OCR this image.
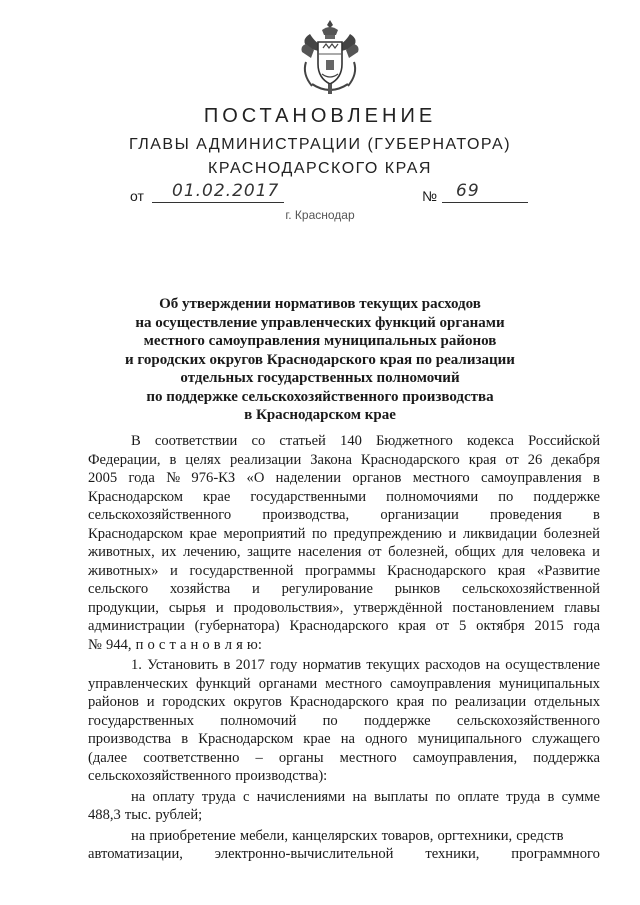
ПОСТАНОВЛЕНИЕ
ГЛАВЫ АДМИНИСТРАЦИИ (ГУБЕРНАТОРА)
КРАСНОДАРСКОГО КРАЯ
от 01.02.2017	№ 69
г. Краснодар
Об утверждении нормативов текущих расходов
на осуществление управленческих функций органами
местного самоуправления муниципальных районов
и городских округов Краснодарского края по реализации
отдельных государственных полномочий
по поддержке сельскохозяйственного производства
в Краснодарском крае
В соответствии со статьей 140 Бюджетного кодекса Российской
Федерации, в целях реализации Закона Краснодарского края от 26 декабря
2005 года № 976-КЗ «О наделении органов местного самоуправления в
Краснодарском крае государственными полномочиями по поддержке
сельскохозяйственного производства, организации проведения в
Краснодарском крае мероприятий по предупреждению и ликвидации болезней
животных, их лечению, защите населения от болезней, общих для человека и
животных» и государственной программы Краснодарского края «Развитие
сельского хозяйства и регулирование рынков сельскохозяйственной
продукции, сырья и продовольствия», утверждённой постановлением главы
администрации (губернатора) Краснодарского края от 5 октября 2015 года
№ 944, п о с т а н о в л я ю:
1. Установить в 2017 году норматив текущих расходов на осуществление
управленческих функций органами местного самоуправления муниципальных
районов и городских округов Краснодарского края по реализации отдельных
государственных полномочий по поддержке сельскохозяйственного
производства в Краснодарском крае на одного муниципального служащего
(далее соответственно – органы местного самоуправления, поддержка
сельскохозяйственного производства):
на оплату труда с начислениями на выплаты по оплате труда в сумме
488,3 тыс. рублей;
на приобретение мебели, канцелярских товаров, оргтехники, средств
автоматизации, электронно-вычислительной техники, программного
